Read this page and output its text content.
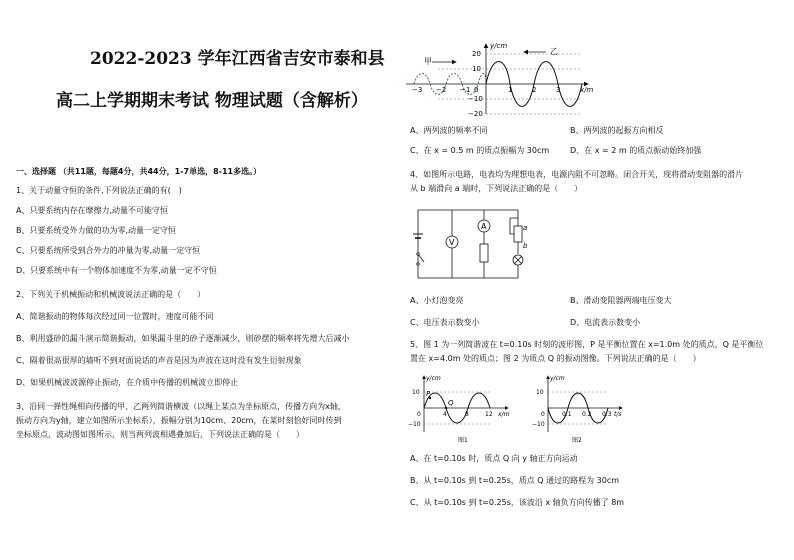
2022-2023 学年江西省吉安市泰和县
高二上学期期末考试 物理试题（含解析）
一、选择题 （共11题，每题4分，共44分，1-7单选，8-11多选。）
1、关于动量守恒的条件,下列说法正确的有(　)
A、只要系统内存在摩擦力,动量不可能守恒
B、只要系统受外力做的功为零,动量一定守恒
C、只要系统所受到合外力的冲量为零,动量一定守恒
D、只要系统中有一个物体加速度不为零,动量一定不守恒
2、下列关于机械振动和机械波说法正确的是（　　）
A、简谐振动的物体每次经过同一位置时，速度可能不同
B、利用盛砂的漏斗演示简谐振动，如果漏斗里的砂子逐渐减少，则砂摆的频率将先增大后减小
C、隔着很高很厚的墙听不到对面说话的声音是因为声波在这时没有发生衍射现象
D、如果机械波波源停止振动，在介质中传播的机械波立即停止
3、沿同一弹性绳相向传播的甲、乙两列简谐横波（以绳上某点为坐标原点，传播方向为x轴，
振动方向为y轴，建立如图所示坐标系），振幅分别为10cm、20cm，在某时刻恰好同时传到
坐标原点，波动图如图所示，则当两列波相遇叠加后，下列说法正确的是（　　）
甲
乙
y/cm
x/m
20
10
0
−10
−20
−3 −2 −1	1	2	3
A、两列波的频率不同	B、两列波的起振方向相反
C、在 x = 0.5 m 的质点振幅为 30cm	D、在 x = 2 m 的质点振动始终加强
4、如图所示电路，电表均为理想电表，电源内阻不可忽略。闭合开关，现将滑动变阻器的滑片
从 b 端滑向 a 端时，下列说法正确的是（　　）
V
A	a
b
A、小灯泡变亮	B、滑动变阻器两端电压变大
C、电压表示数变小	D、电流表示数变小
5、图 1 为一列简谐波在 t=0.10s 时刻的波形图，P 是平衡位置在 x=1.0m 处的质点，Q 是平衡位
置在 x=4.0m 处的质点；图 2 为质点 Q 的振动图像。下列说法正确的是（　　）
P
Q
y/cm
x/m
10
0
−10
4	8	12
图1
y/cm
t/s
10
0
−10
0.1 0.2 0.3
图2
A、在 t=0.10s 时，质点 Q 向 y 轴正方向运动
B、从 t=0.10s 到 t=0.25s，质点 Q 通过的路程为 30cm
C、从 t=0.10s 到 t=0.25s，该波沿 x 轴负方向传播了 8m
